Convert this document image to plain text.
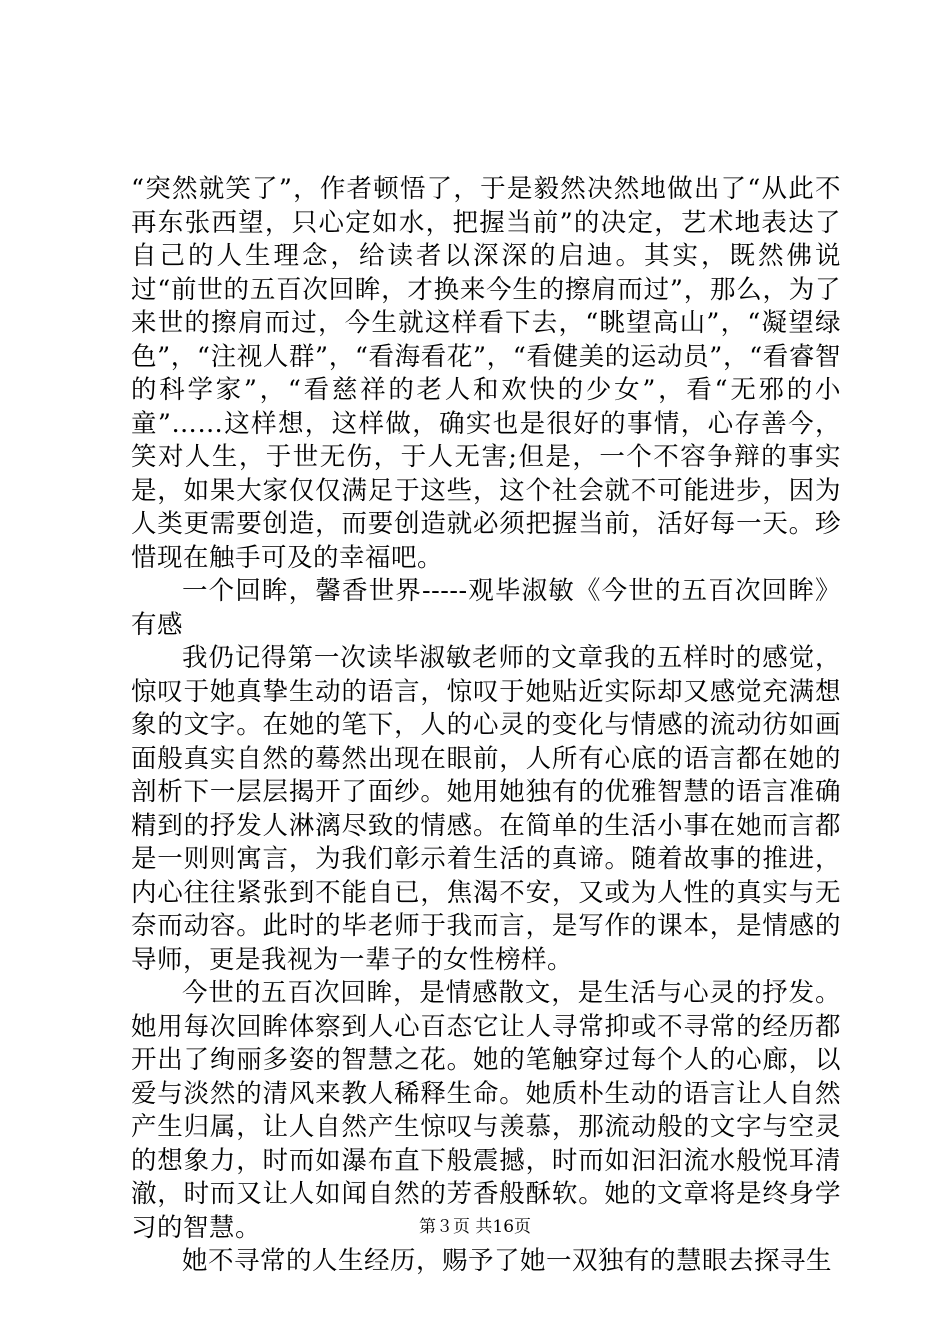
“突然就笑了”，作者顿悟了，于是毅然决然地做出了“从此不再东张西望，只心定如水，把握当前”的决定，艺术地表达了自己的人生理念，给读者以深深的启迪。其实，既然佛说过“前世的五百次回眸，才换来今生的擦肩而过”，那么，为了来世的擦肩而过，今生就这样看下去，“眺望高山”，“凝望绿色”，“注视人群”，“看海看花”，“看健美的运动员”，“看睿智的科学家”，“看慈祥的老人和欢快的少女”，看“无邪的小童”……这样想，这样做，确实也是很好的事情，心存善今，笑对人生，于世无伤，于人无害;但是，一个不容争辩的事实是，如果大家仅仅满足于这些，这个社会就不可能进步，因为人类更需要创造，而要创造就必须把握当前，活好每一天。珍惜现在触手可及的幸福吧。

一个回眸，馨香世界-----观毕淑敏《今世的五百次回眸》有感

我仍记得第一次读毕淑敏老师的文章我的五样时的感觉，惊叹于她真挚生动的语言，惊叹于她贴近实际却又感觉充满想象的文字。在她的笔下，人的心灵的变化与情感的流动彷如画面般真实自然的蓦然出现在眼前，人所有心底的语言都在她的剖析下一层层揭开了面纱。她用她独有的优雅智慧的语言准确精到的抒发人淋漓尽致的情感。在简单的生活小事在她而言都是一则则寓言，为我们彰示着生活的真谛。随着故事的推进，内心往往紧张到不能自已，焦渴不安，又或为人性的真实与无奈而动容。此时的毕老师于我而言，是写作的课本，是情感的导师，更是我视为一辈子的女性榜样。

今世的五百次回眸，是情感散文，是生活与心灵的抒发。她用每次回眸体察到人心百态它让人寻常抑或不寻常的经历都开出了绚丽多姿的智慧之花。她的笔触穿过每个人的心廊，以爱与淡然的清风来教人稀释生命。她质朴生动的语言让人自然产生归属，让人自然产生惊叹与羡慕，那流动般的文字与空灵的想象力，时而如瀑布直下般震撼，时而如汩汩流水般悦耳清澈，时而又让人如闻自然的芳香般酥软。她的文章将是终身学习的智慧。

她不寻常的人生经历，赐予了她一双独有的慧眼去探寻生

第３页 共16页
